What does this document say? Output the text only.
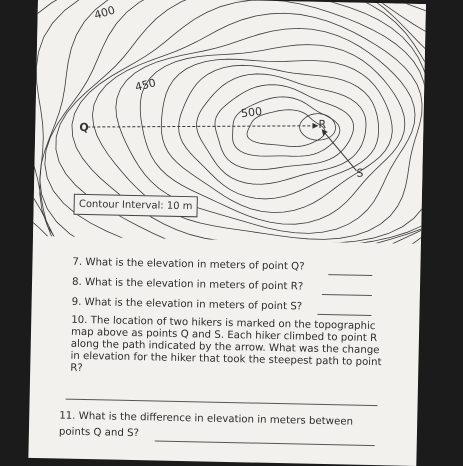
400
450
500
Q	R
S
Contour Interval: 10 m
7. What is the elevation in meters of point Q?
8. What is the elevation in meters of point R?
9. What is the elevation in meters of point S?
10. The location of two hikers is marked on the topographic map above as points Q and S. Each hiker climbed to point R along the path indicated by the arrow. What was the change in elevation for the hiker that took the steepest path to point R?
11. What is the difference in elevation in meters between
points Q and S?
